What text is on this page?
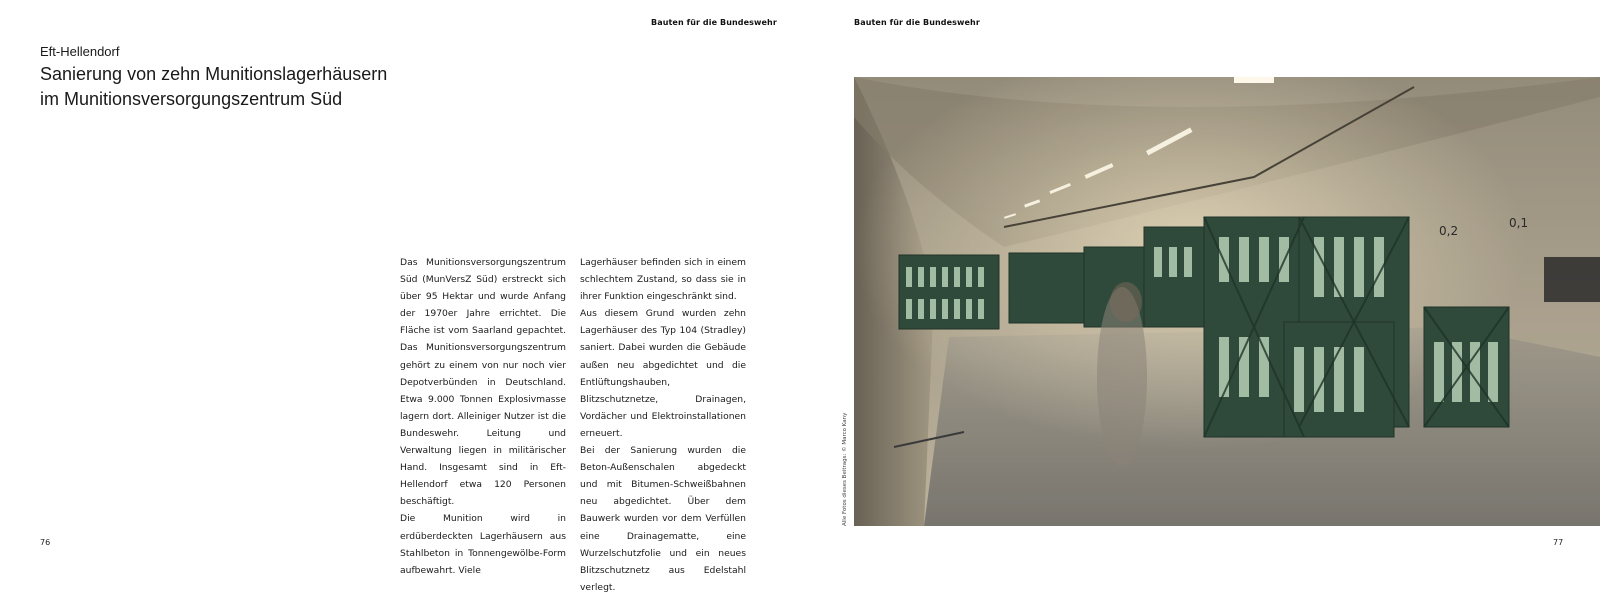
Bauten für die Bundeswehr	Bauten für die Bundeswehr
Eft-Hellendorf
Sanierung von zehn Munitionslagerhäusern
im Munitionsversorgungszentrum Süd

Das Munitionsversorgungszentrum Süd (MunVersZ Süd) erstreckt sich über 95 Hektar und wurde Anfang der 1970er Jahre errichtet. Die Fläche ist vom Saarland gepachtet. Das Munitionsversorgungszentrum gehört zu einem von nur noch vier Depotverbünden in Deutschland. Etwa 9.000 Tonnen Explosivmasse lagern dort. Alleiniger Nutzer ist die Bundeswehr. Leitung und Verwaltung liegen in militärischer Hand. Insgesamt sind in Eft-Hellendorf etwa 120 Personen beschäftigt.

Die Munition wird in erdüberdeckten Lagerhäusern aus Stahlbeton in Tonnengewölbe-Form aufbewahrt. Viele

Lagerhäuser befinden sich in einem schlechtem Zustand, so dass sie in ihrer Funktion eingeschränkt sind.

Aus diesem Grund wurden zehn Lagerhäuser des Typ 104 (Stradley) saniert. Dabei wurden die Gebäude außen neu abgedichtet und die Entlüftungshauben, Blitzschutznetze, Drainagen, Vordächer und Elektroinstallationen erneuert.

Bei der Sanierung wurden die Beton-Außenschalen abgedeckt und mit Bitumen-Schweißbahnen neu abgedichtet. Über dem Bauwerk wurden vor dem Verfüllen eine Drainagematte, eine Wurzelschutzfolie und ein neues Blitzschutznetz aus Edelstahl verlegt.

0,2
0,1
Alle Fotos dieses Beitrags: © Marco Kany
76	77
